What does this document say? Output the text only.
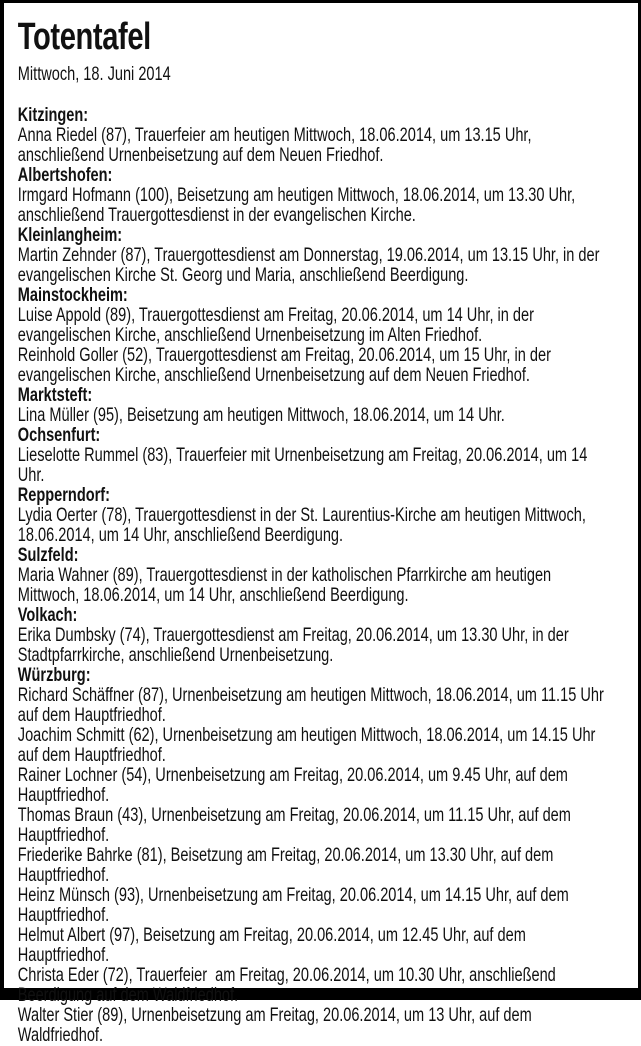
Totentafel
Mittwoch, 18. Juni 2014
Kitzingen:

Anna Riedel (87), Trauerfeier am heutigen Mittwoch, 18.06.2014, um 13.15 Uhr, anschließend Urnenbeisetzung auf dem Neuen Friedhof.

Albertshofen:

Irmgard Hofmann (100), Beisetzung am heutigen Mittwoch, 18.06.2014, um 13.30 Uhr, anschließend Trauergottesdienst in der evangelischen Kirche.

Kleinlangheim:

Martin Zehnder (87), Trauergottesdienst am Donnerstag, 19.06.2014, um 13.15 Uhr, in der evangelischen Kirche St. Georg und Maria, anschließend Beerdigung.

Mainstockheim:

Luise Appold (89), Trauergottesdienst am Freitag, 20.06.2014, um 14 Uhr, in der evangelischen Kirche, anschließend Urnenbeisetzung im Alten Friedhof.

Reinhold Goller (52), Trauergottesdienst am Freitag, 20.06.2014, um 15 Uhr, in der evangelischen Kirche, anschließend Urnenbeisetzung auf dem Neuen Friedhof.

Marktsteft:

Lina Müller (95), Beisetzung am heutigen Mittwoch, 18.06.2014, um 14 Uhr.

Ochsenfurt:

Lieselotte Rummel (83), Trauerfeier mit Urnenbeisetzung am Freitag, 20.06.2014, um 14 Uhr.

Repperndorf:

Lydia Oerter (78), Trauergottesdienst in der St. Laurentius-Kirche am heutigen Mittwoch, 18.06.2014, um 14 Uhr, anschließend Beerdigung.

Sulzfeld:

Maria Wahner (89), Trauergottesdienst in der katholischen Pfarrkirche am heutigen Mittwoch, 18.06.2014, um 14 Uhr, anschließend Beerdigung.

Volkach:

Erika Dumbsky (74), Trauergottesdienst am Freitag, 20.06.2014, um 13.30 Uhr, in der Stadtpfarrkirche, anschließend Urnenbeisetzung.

Würzburg:

Richard Schäffner (87), Urnenbeisetzung am heutigen Mittwoch, 18.06.2014, um 11.15 Uhr auf dem Hauptfriedhof.

Joachim Schmitt (62), Urnenbeisetzung am heutigen Mittwoch, 18.06.2014, um 14.15 Uhr auf dem Hauptfriedhof.

Rainer Lochner (54), Urnenbeisetzung am Freitag, 20.06.2014, um 9.45 Uhr, auf dem Hauptfriedhof.

Thomas Braun (43), Urnenbeisetzung am Freitag, 20.06.2014, um 11.15 Uhr, auf dem Hauptfriedhof.

Friederike Bahrke (81), Beisetzung am Freitag, 20.06.2014, um 13.30 Uhr, auf dem Hauptfriedhof.

Heinz Münsch (93), Urnenbeisetzung am Freitag, 20.06.2014, um 14.15 Uhr, auf dem Hauptfriedhof.

Helmut Albert (97), Beisetzung am Freitag, 20.06.2014, um 12.45 Uhr, auf dem Hauptfriedhof.

Christa Eder (72), Trauerfeier  am Freitag, 20.06.2014, um 10.30 Uhr, anschließend Beerdigung auf dem Waldfriedhof.

Walter Stier (89), Urnenbeisetzung am Freitag, 20.06.2014, um 13 Uhr, auf dem Waldfriedhof.
